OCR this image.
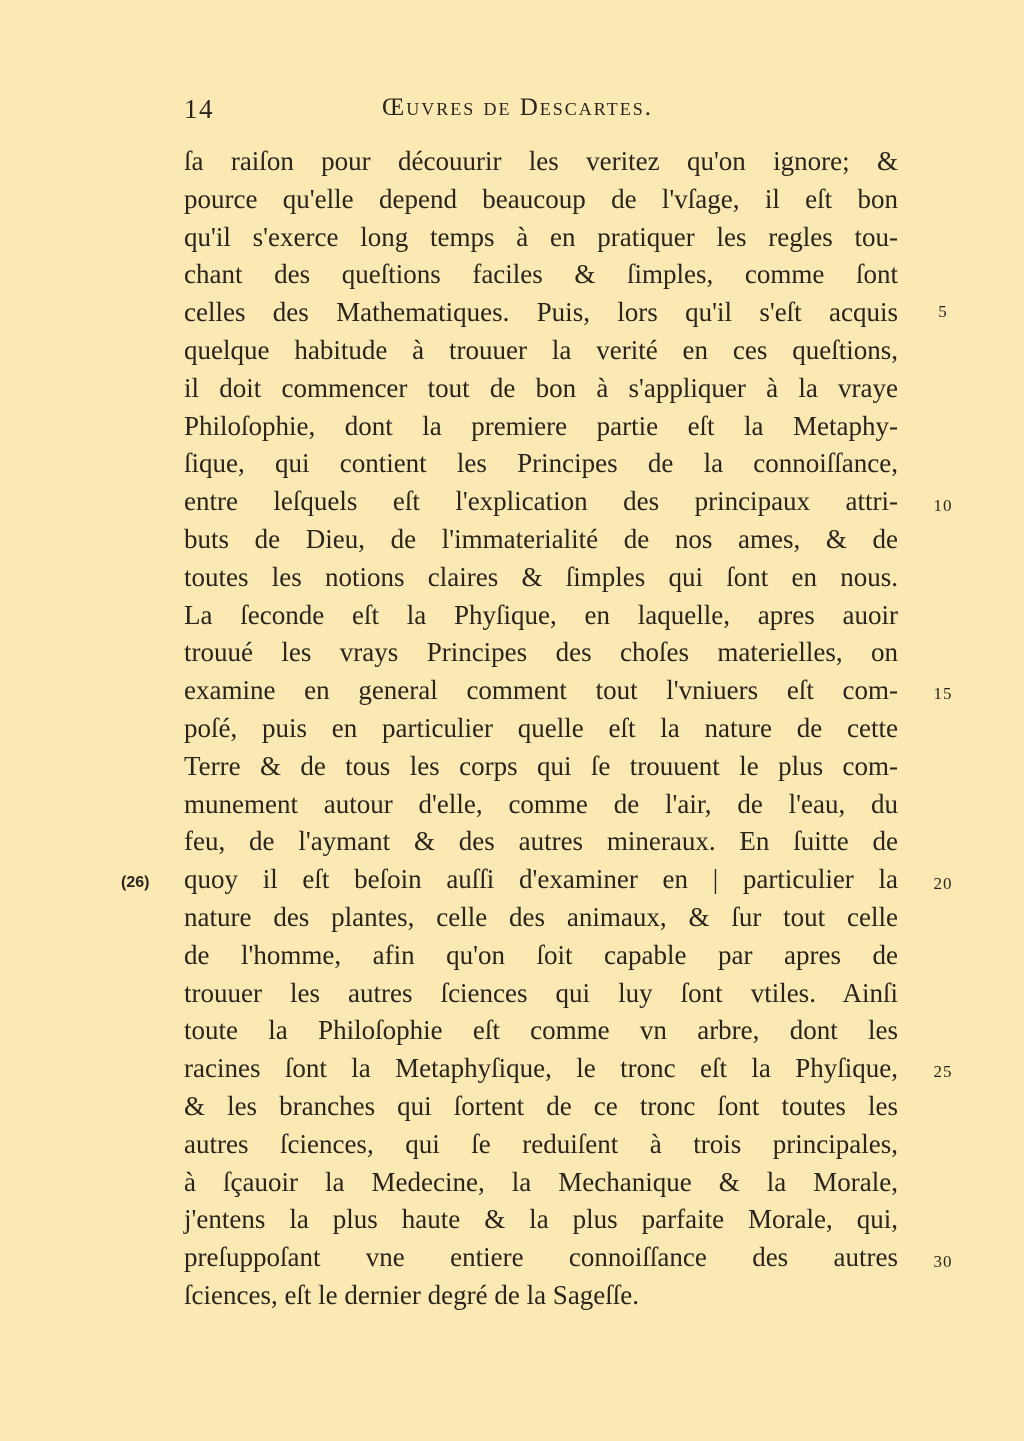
14	Œuvres de Descartes.
ſa raiſon pour découurir les veritez qu'on ignore; &
pource qu'elle depend beaucoup de l'vſage, il eſt bon
qu'il s'exerce long temps à en pratiquer les regles tou-
chant des queſtions faciles & ſimples, comme ſont
celles des Mathematiques. Puis, lors qu'il s'eſt acquis
quelque habitude à trouuer la verité en ces queſtions,
il doit commencer tout de bon à s'appliquer à la vraye
Philoſophie, dont la premiere partie eſt la Metaphy-
ſique, qui contient les Principes de la connoiſſance,
entre leſquels eſt l'explication des principaux attri-
buts de Dieu, de l'immaterialité de nos ames, & de
toutes les notions claires & ſimples qui ſont en nous.
La ſeconde eſt la Phyſique, en laquelle, apres auoir
trouué les vrays Principes des choſes materielles, on
examine en general comment tout l'vniuers eſt com-
poſé, puis en particulier quelle eſt la nature de cette
Terre & de tous les corps qui ſe trouuent le plus com-
munement autour d'elle, comme de l'air, de l'eau, du
feu, de l'aymant & des autres mineraux. En ſuitte de
quoy il eſt beſoin auſſi d'examiner en | particulier la
nature des plantes, celle des animaux, & ſur tout celle
de l'homme, afin qu'on ſoit capable par apres de
trouuer les autres ſciences qui luy ſont vtiles. Ainſi
toute la Philoſophie eſt comme vn arbre, dont les
racines ſont la Metaphyſique, le tronc eſt la Phyſique,
& les branches qui ſortent de ce tronc ſont toutes les
autres ſciences, qui ſe reduiſent à trois principales,
à ſçauoir la Medecine, la Mechanique & la Morale,
j'entens la plus haute & la plus parfaite Morale, qui,
preſuppoſant vne entiere connoiſſance des autres
ſciences, eſt le dernier degré de la Sageſſe.
5
10
15
20
25
30
(26)
